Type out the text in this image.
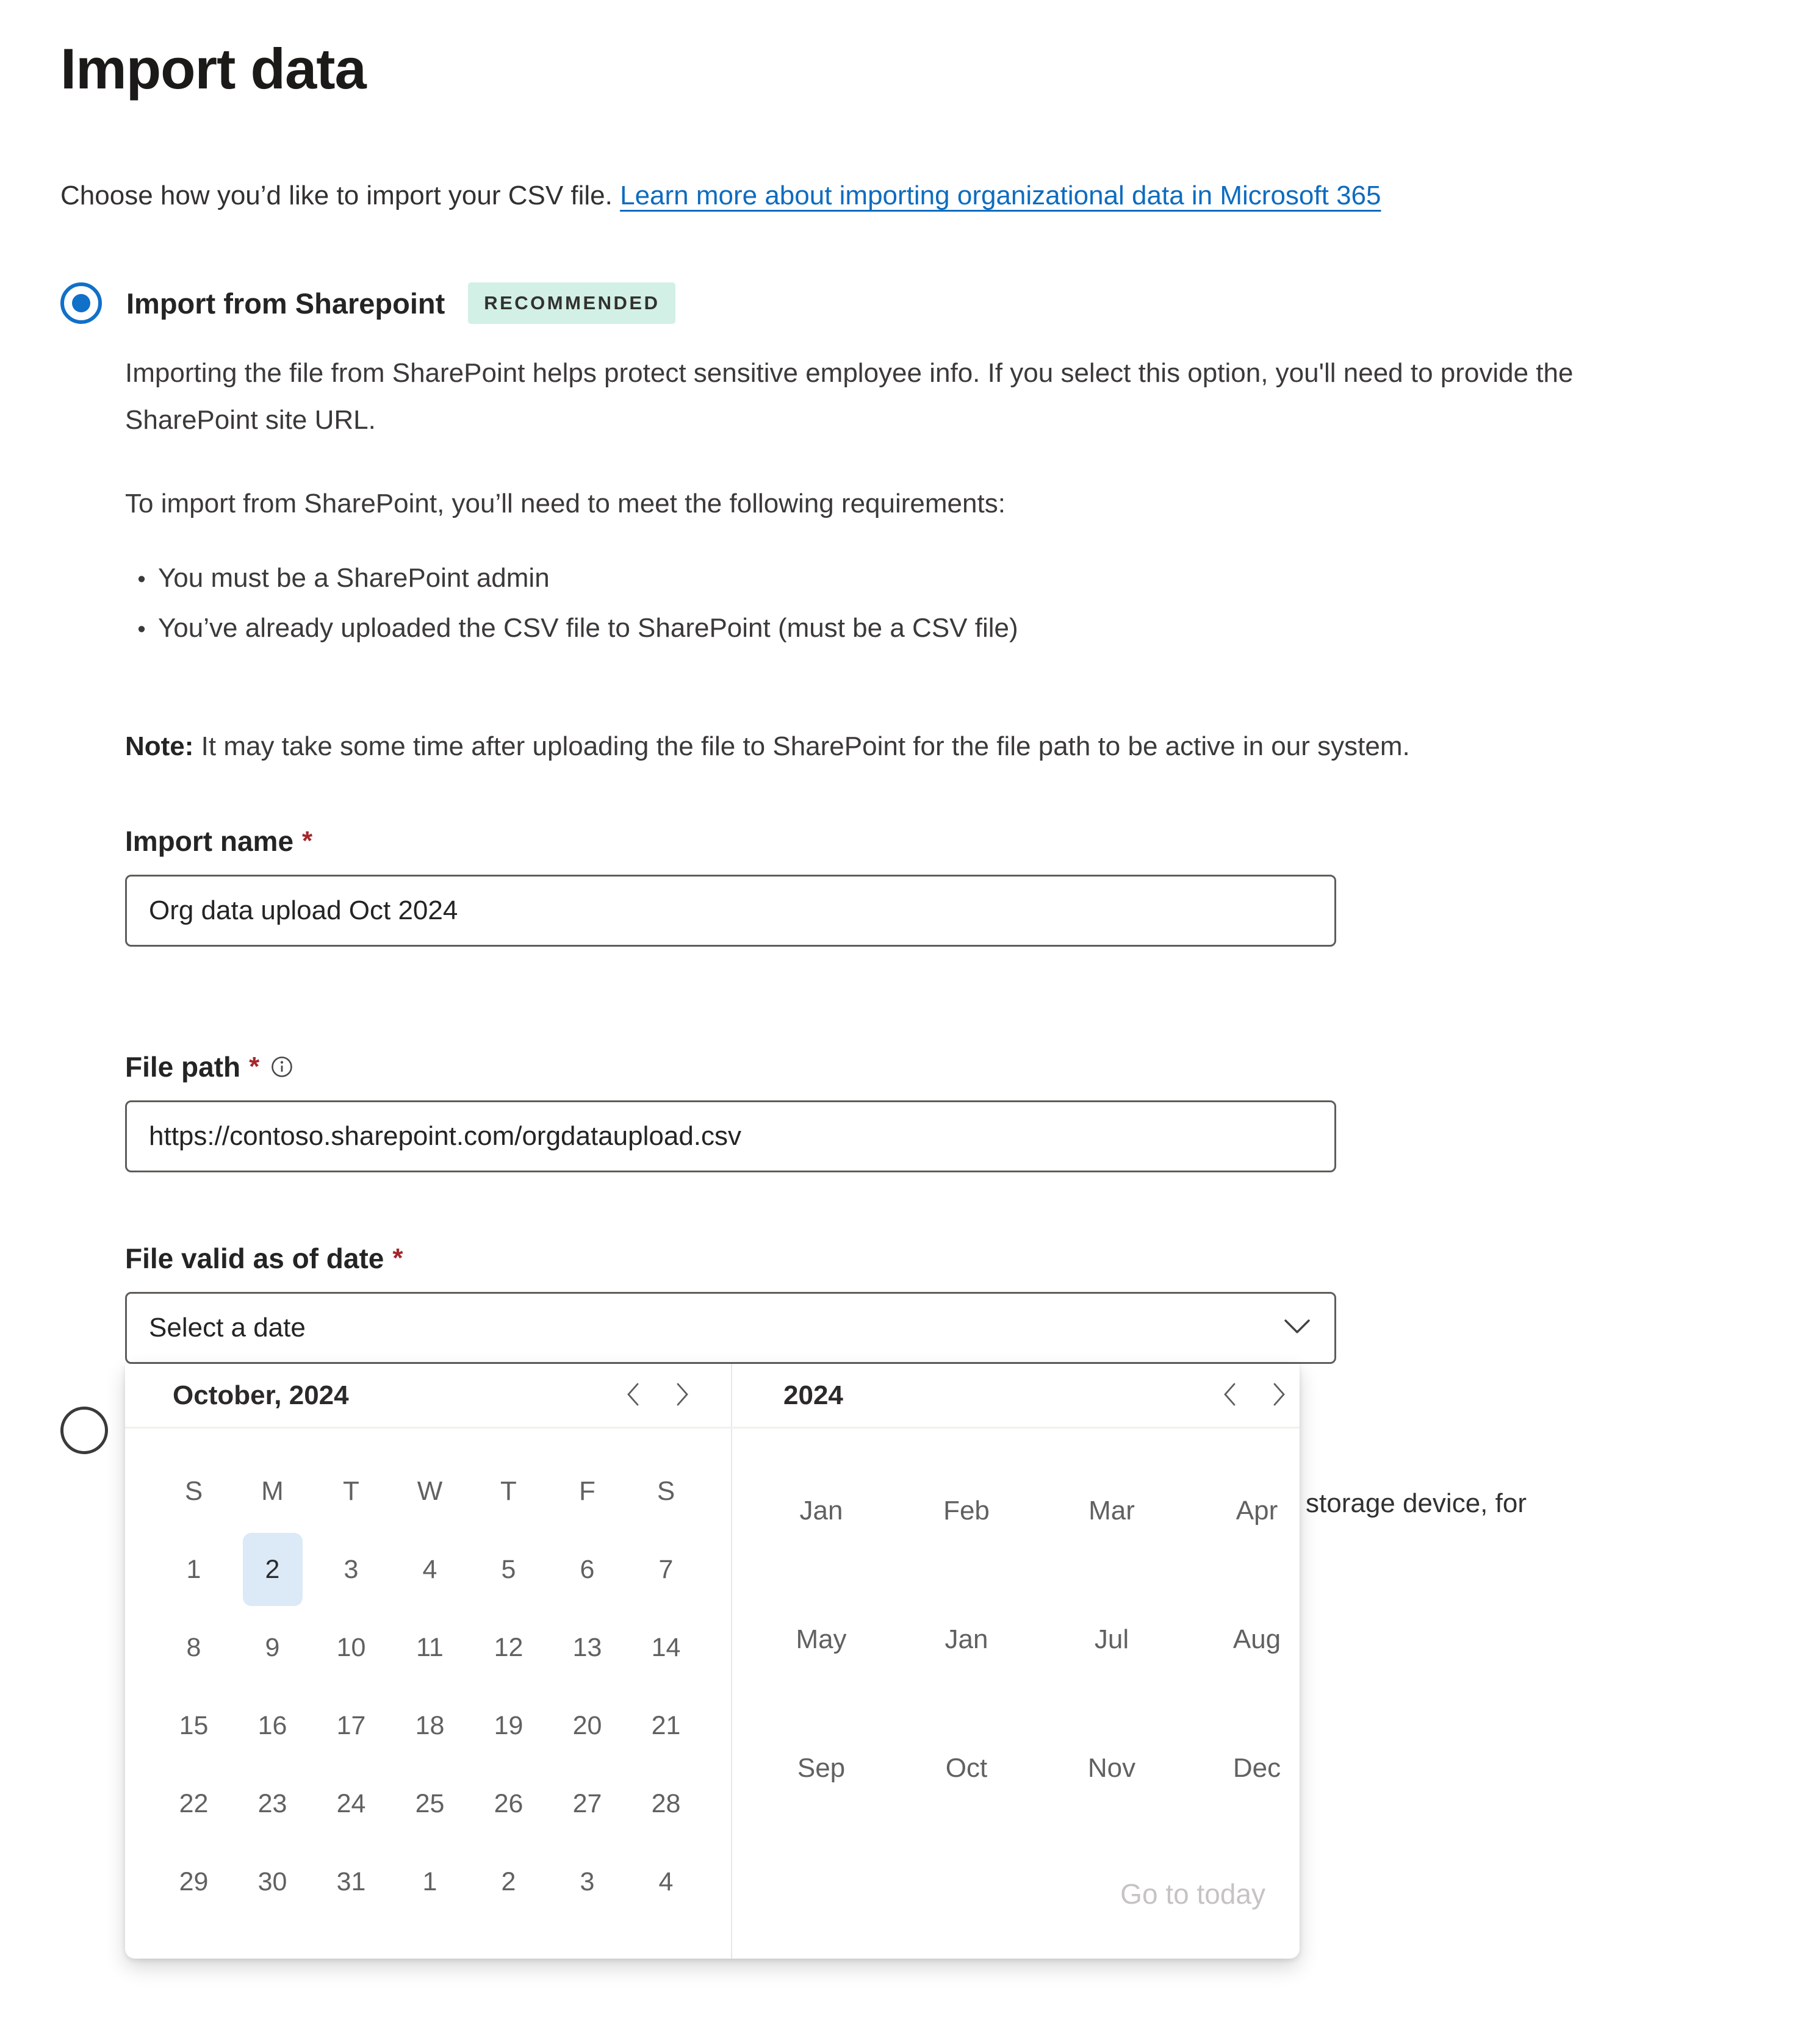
Import data

Choose how you’d like to import your CSV file. Learn more about importing organizational data in Microsoft 365

Import from Sharepoint	RECOMMENDED

Importing the file from SharePoint helps protect sensitive employee info. If you select this option, you'll need to provide the SharePoint site URL.

To import from SharePoint, you’ll need to meet the following requirements:

• You must be a SharePoint admin
• You’ve already uploaded the CSV file to SharePoint (must be a CSV file)

Note: It may take some time after uploading the file to SharePoint for the file path to be active in our system.

Import name *
Org data upload Oct 2024
File path *
https://contoso.sharepoint.com/orgdataupload.csv
File valid as of date *
Select a date
storage device, for
October, 2024	2024
S	M	T	W	T	F	S
1	2	3	4	5	6	7
8	9	10	11	12	13	14
15	16	17	18	19	20	21
22	23	24	25	26	27	28
29	30	31	1	2	3	4
Jan	Feb	Mar	Apr
May	Jan	Jul	Aug
Sep	Oct	Nov	Dec
Go to today
